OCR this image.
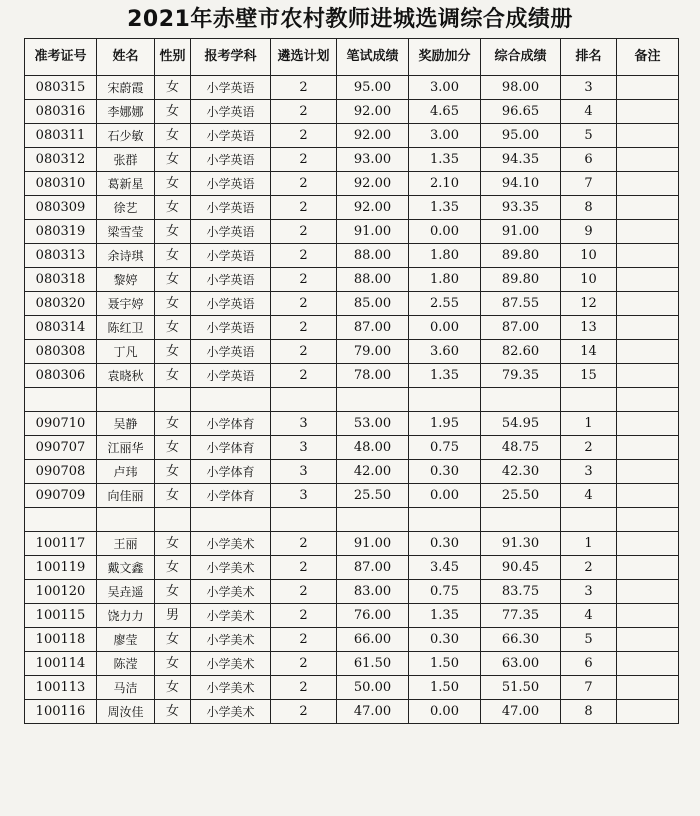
2021年赤壁市农村教师进城选调综合成绩册
准考证号	姓名	性别	报考学科	遴选计划	笔试成绩	奖励加分	综合成绩	排名	备注
080315	宋蔚霞	女	小学英语	2	95.00	3.00	98.00	3	
080316	李娜娜	女	小学英语	2	92.00	4.65	96.65	4	
080311	石少敏	女	小学英语	2	92.00	3.00	95.00	5	
080312	张群	女	小学英语	2	93.00	1.35	94.35	6	
080310	葛新星	女	小学英语	2	92.00	2.10	94.10	7	
080309	徐艺	女	小学英语	2	92.00	1.35	93.35	8	
080319	梁雪莹	女	小学英语	2	91.00	0.00	91.00	9	
080313	余诗琪	女	小学英语	2	88.00	1.80	89.80	10	
080318	黎婷	女	小学英语	2	88.00	1.80	89.80	10	
080320	聂宇婷	女	小学英语	2	85.00	2.55	87.55	12	
080314	陈红卫	女	小学英语	2	87.00	0.00	87.00	13	
080308	丁凡	女	小学英语	2	79.00	3.60	82.60	14	
080306	袁晓秋	女	小学英语	2	78.00	1.35	79.35	15	

090710	吴静	女	小学体育	3	53.00	1.95	54.95	1	
090707	江丽华	女	小学体育	3	48.00	0.75	48.75	2	
090708	卢玮	女	小学体育	3	42.00	0.30	42.30	3	
090709	向佳丽	女	小学体育	3	25.50	0.00	25.50	4	

100117	王丽	女	小学美术	2	91.00	0.30	91.30	1	
100119	戴文鑫	女	小学美术	2	87.00	3.45	90.45	2	
100120	吴垚遥	女	小学美术	2	83.00	0.75	83.75	3	
100115	饶力力	男	小学美术	2	76.00	1.35	77.35	4	
100118	廖莹	女	小学美术	2	66.00	0.30	66.30	5	
100114	陈滢	女	小学美术	2	61.50	1.50	63.00	6	
100113	马洁	女	小学美术	2	50.00	1.50	51.50	7	
100116	周汝佳	女	小学美术	2	47.00	0.00	47.00	8	
